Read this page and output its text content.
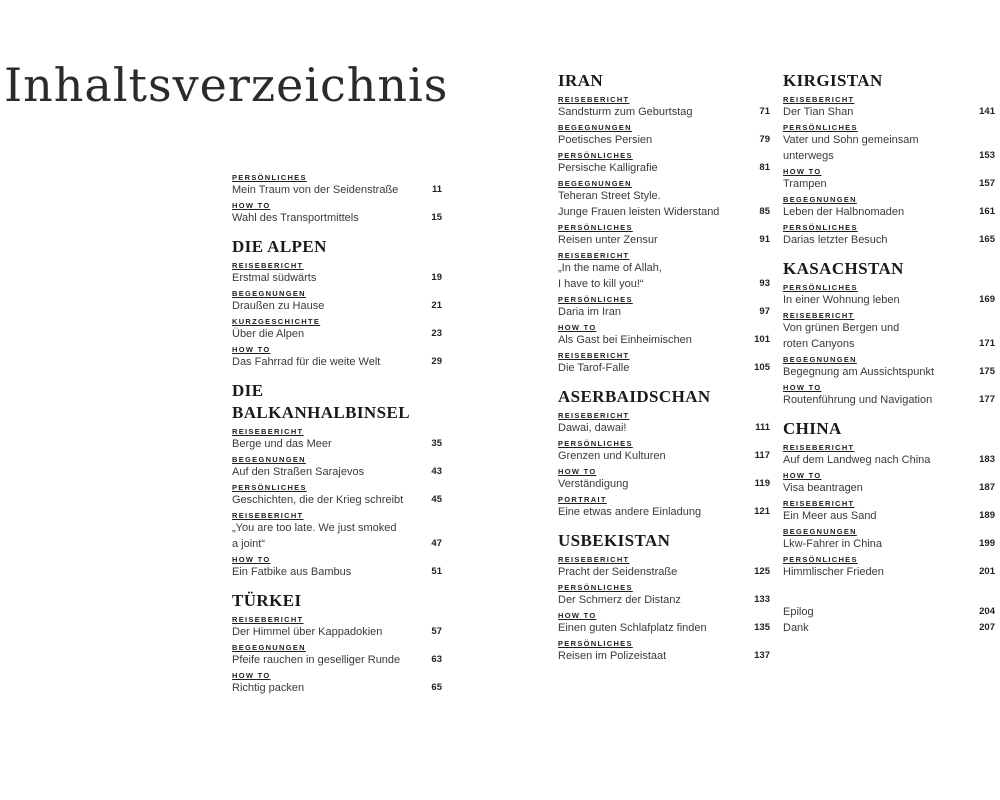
Inhaltsverzeichnis
PERSÖNLICHES
Mein Traum von der Seidenstraße	11
HOW TO
Wahl des Transportmittels	15
DIE ALPEN
REISEBERICHT
Erstmal südwärts	19
BEGEGNUNGEN
Draußen zu Hause	21
KURZGESCHICHTE
Über die Alpen	23
HOW TO
Das Fahrrad für die weite Welt	29
DIE BALKANHALBINSEL
REISEBERICHT
Berge und das Meer	35
BEGEGNUNGEN
Auf den Straßen Sarajevos	43
PERSÖNLICHES
Geschichten, die der Krieg schreibt	45
REISEBERICHT
„You are too late. We just smoked
a joint“	47
HOW TO
Ein Fatbike aus Bambus	51
TÜRKEI
REISEBERICHT
Der Himmel über Kappadokien	57
BEGEGNUNGEN
Pfeife rauchen in geselliger Runde	63
HOW TO
Richtig packen	65
IRAN
REISEBERICHT
Sandsturm zum Geburtstag	71
BEGEGNUNGEN
Poetisches Persien	79
PERSÖNLICHES
Persische Kalligrafie	81
BEGEGNUNGEN
Teheran Street Style.
Junge Frauen leisten Widerstand	85
PERSÖNLICHES
Reisen unter Zensur	91
REISEBERICHT
„In the name of Allah,
I have to kill you!“	93
PERSÖNLICHES
Daria im Iran	97
HOW TO
Als Gast bei Einheimischen	101
REISEBERICHT
Die Tarof-Falle	105
ASERBAIDSCHAN
REISEBERICHT
Dawai, dawai!	111
PERSÖNLICHES
Grenzen und Kulturen	117
HOW TO
Verständigung	119
PORTRAIT
Eine etwas andere Einladung	121
USBEKISTAN
REISEBERICHT
Pracht der Seidenstraße	125
PERSÖNLICHES
Der Schmerz der Distanz	133
HOW TO
Einen guten Schlafplatz finden	135
PERSÖNLICHES
Reisen im Polizeistaat	137
KIRGISTAN
REISEBERICHT
Der Tian Shan	141
PERSÖNLICHES
Vater und Sohn gemeinsam
unterwegs	153
HOW TO
Trampen	157
BEGEGNUNGEN
Leben der Halbnomaden	161
PERSÖNLICHES
Darias letzter Besuch	165
KASACHSTAN
PERSÖNLICHES
In einer Wohnung leben	169
REISEBERICHT
Von grünen Bergen und
roten Canyons	171
BEGEGNUNGEN
Begegnung am Aussichtspunkt	175
HOW TO
Routenführung und Navigation	177
CHINA
REISEBERICHT
Auf dem Landweg nach China	183
HOW TO
Visa beantragen	187
REISEBERICHT
Ein Meer aus Sand	189
BEGEGNUNGEN
Lkw-Fahrer in China	199
PERSÖNLICHES
Himmlischer Frieden	201
Epilog	204
Dank	207
